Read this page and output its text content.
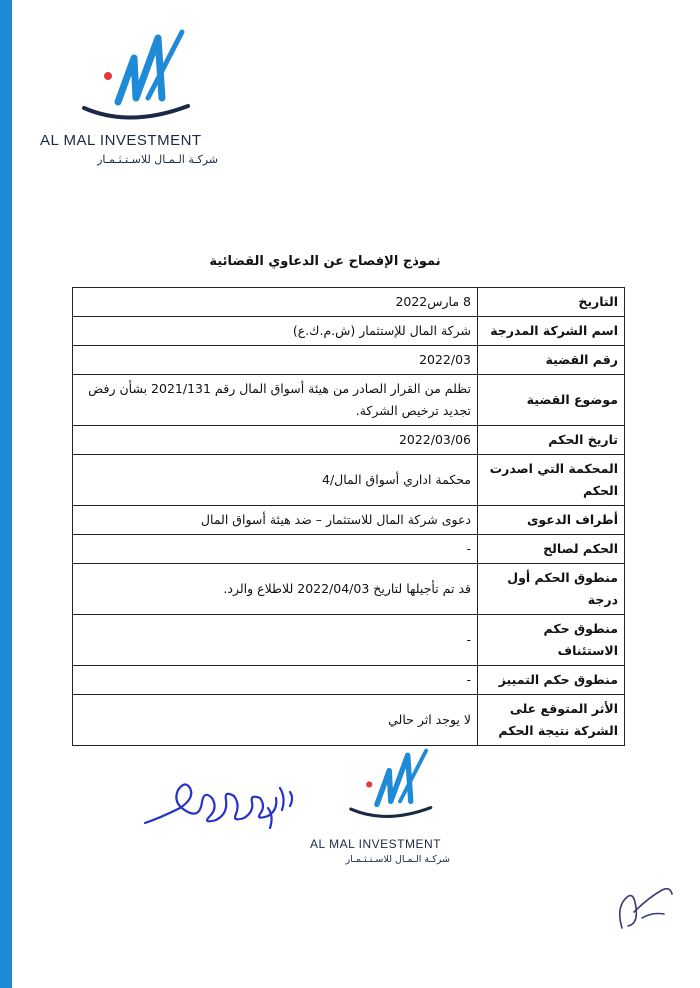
AL MAL INVESTMENT
شركـة الـمـال للاسـتـثـمـار
نموذج الإفصاح عن الدعاوي القضائية
التاريخ	8 مارس2022
اسم الشركة المدرجة	شركة المال للإستثمار (ش.م.ك.ع)
رقم القضية	2022/03
موضوع القضية	تظلم من القرار الصادر من هيئة أسواق المال رقم 2021/131 بشأن رفض تجديد ترخيص الشركة.
تاريخ الحكم	2022/03/06
المحكمة التي اصدرت الحكم	محكمة اداري أسواق المال/4
أطراف الدعوى	دعوى شركة المال للاستثمار – ضد هيئة أسواق المال
الحكم لصالح	-
منطوق الحكم أول درجة	قد تم تأجيلها لتاريخ 2022/04/03 للاطلاع والرد.
منطوق حكم الاستئناف	-
منطوق حكم التمييز	-
الأثر المتوقع على الشركة نتيجة الحكم	لا يوجد اثر حالي
AL MAL INVESTMENT
شركـة الـمـال للاسـتـثـمـار
